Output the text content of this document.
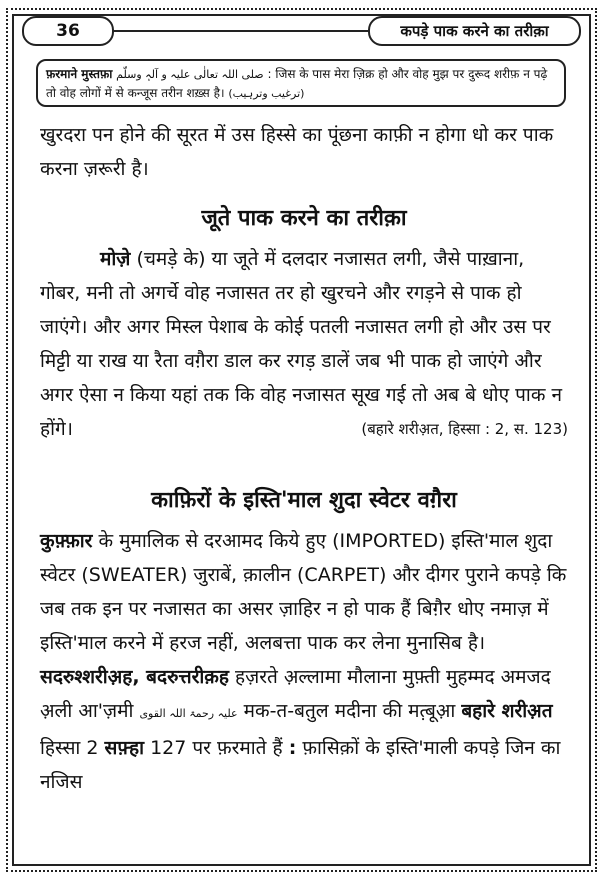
36	कपड़े पाक करने का तरीक़ा
फ़रमाने मुस्तफ़ा صلی اللہ تعالٰی علیہ و آلہٖ وسلّم : जिस के पास मेरा ज़िक्र हो और वोह मुझ पर दुरूद शरीफ़ न पढ़े तो वोह लोगों में से कन्जूस तरीन शख़्स है। (ترغیب وترہیب)
खुरदरा पन होने की सूरत में उस हिस्से का पूंछना काफ़ी न होगा धो कर पाक करना ज़रूरी है।
जूते पाक करने का तरीक़ा
मोज़े (चमड़े के) या जूते में दलदार नजासत लगी, जैसे पाख़ाना, गोबर, मनी तो अगर्चे वोह नजासत तर हो खुरचने और रगड़ने से पाक हो जाएंगे। और अगर मिस्ल पेशाब के कोई पतली नजासत लगी हो और उस पर मिट्टी या राख या रैता वग़ैरा डाल कर रगड़ डालें जब भी पाक हो जाएंगे और अगर ऐसा न किया यहां तक कि वोह नजासत सूख गई तो अब बे धोए पाक न होंगे।	(बहारे शरीअ़त, हिस्सा : 2, स. 123)
काफ़िरों के इस्ति'माल शुदा स्वेटर वग़ैरा
कुफ़्फ़ार के मुमालिक से दरआमद किये हुए (IMPORTED) इस्ति'माल शुदा स्वेटर (SWEATER) जुराबें, क़ालीन (CARPET) और दीगर पुराने कपड़े कि जब तक इन पर नजासत का असर ज़ाहिर न हो पाक हैं बिग़ैर धोए नमाज़ में इस्ति'माल करने में हरज नहीं, अलबत्ता पाक कर लेना मुनासिब है। सदरुश्शरीअ़ह, बदरुत्तरीक़ह हज़रते अ़ल्लामा मौलाना मुफ़्ती मुहम्मद अमजद अ़ली आ'ज़मी علیہ رحمۃ اللہ القوی मक-त-बतुल मदीना की मत़्बूआ़ बहारे शरीअ़त हिस्सा 2 सफ़्हा 127 पर फ़रमाते हैं : फ़ासिक़ों के इस्ति'माली कपड़े जिन का नजिस
